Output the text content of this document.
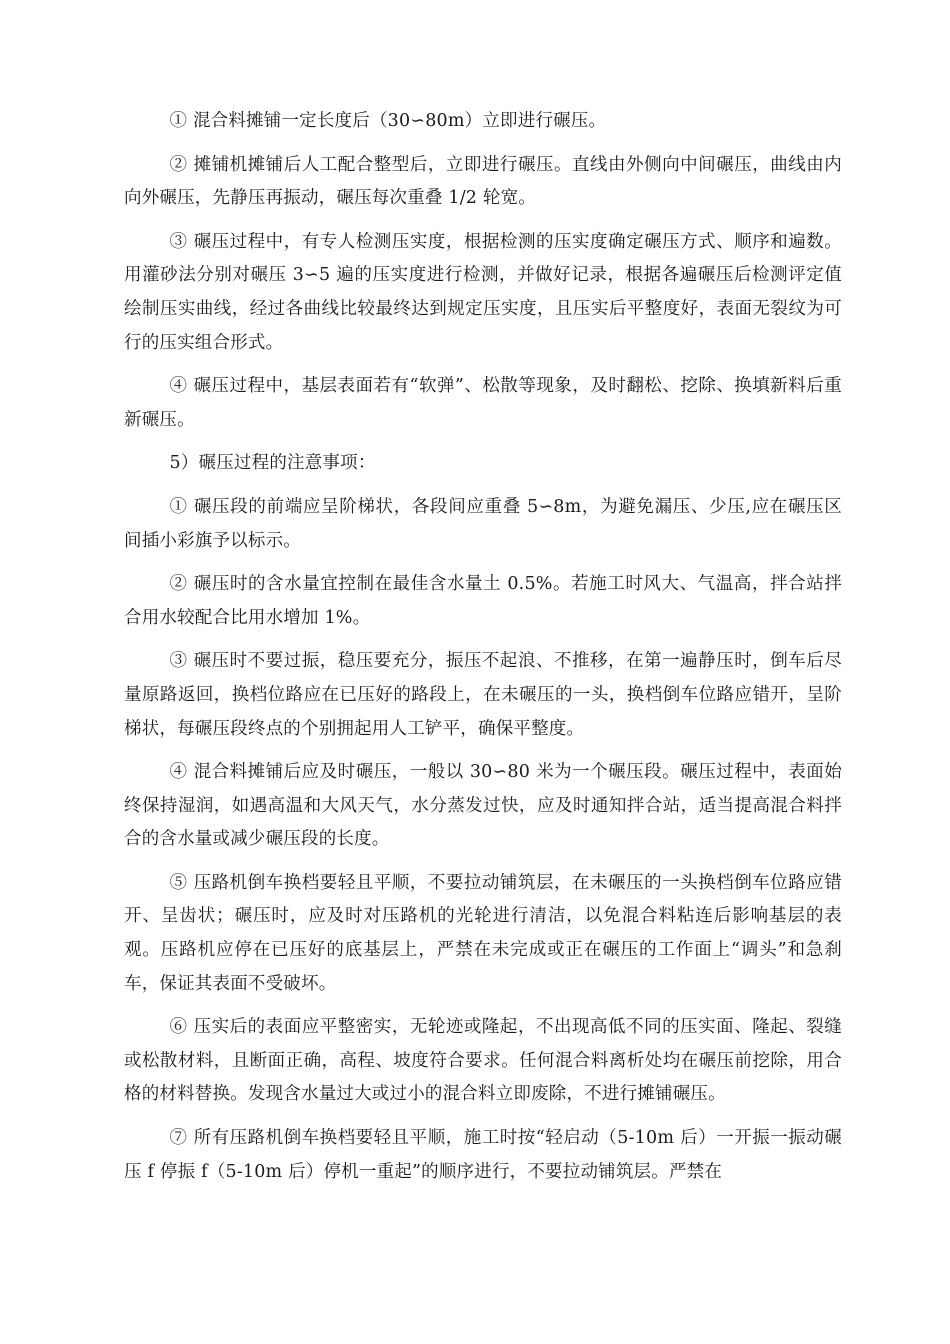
① 混合料摊铺一定长度后（30∽80m）立即进行碾压。

② 摊铺机摊铺后人工配合整型后，立即进行碾压。直线由外侧向中间碾压，曲线由内向外碾压，先静压再振动，碾压每次重叠 1/2 轮宽。

③ 碾压过程中，有专人检测压实度，根据检测的压实度确定碾压方式、顺序和遍数。用灌砂法分别对碾压 3∽5 遍的压实度进行检测，并做好记录，根据各遍碾压后检测评定值绘制压实曲线，经过各曲线比较最终达到规定压实度，且压实后平整度好，表面无裂纹为可行的压实组合形式。

④ 碾压过程中，基层表面若有“软弹”、松散等现象，及时翻松、挖除、换填新料后重新碾压。

5）碾压过程的注意事项：

① 碾压段的前端应呈阶梯状，各段间应重叠 5∽8m，为避免漏压、少压,应在碾压区间插小彩旗予以标示。

② 碾压时的含水量宜控制在最佳含水量土 0.5%。若施工时风大、气温高，拌合站拌合用水较配合比用水增加 1%。

③ 碾压时不要过振，稳压要充分，振压不起浪、不推移，在第一遍静压时，倒车后尽量原路返回，换档位路应在已压好的路段上，在未碾压的一头，换档倒车位路应错开，呈阶梯状，每碾压段终点的个别拥起用人工铲平，确保平整度。

④ 混合料摊铺后应及时碾压，一般以 30∽80 米为一个碾压段。碾压过程中，表面始终保持湿润，如遇高温和大风天气，水分蒸发过快，应及时通知拌合站，适当提高混合料拌合的含水量或减少碾压段的长度。

⑤ 压路机倒车换档要轻且平顺，不要拉动铺筑层，在未碾压的一头换档倒车位路应错开、呈齿状；碾压时，应及时对压路机的光轮进行清洁，以免混合料粘连后影响基层的表观。压路机应停在已压好的底基层上，严禁在未完成或正在碾压的工作面上“调头”和急刹车，保证其表面不受破坏。

⑥ 压实后的表面应平整密实，无轮迹或隆起，不出现高低不同的压实面、隆起、裂缝或松散材料，且断面正确，高程、坡度符合要求。任何混合料离析处均在碾压前挖除，用合格的材料替换。发现含水量过大或过小的混合料立即废除，不进行摊铺碾压。

⑦ 所有压路机倒车换档要轻且平顺，施工时按“轻启动（5-10m 后）一开振一振动碾压 f 停振 f（5-10m 后）停机一重起”的顺序进行，不要拉动铺筑层。严禁在
